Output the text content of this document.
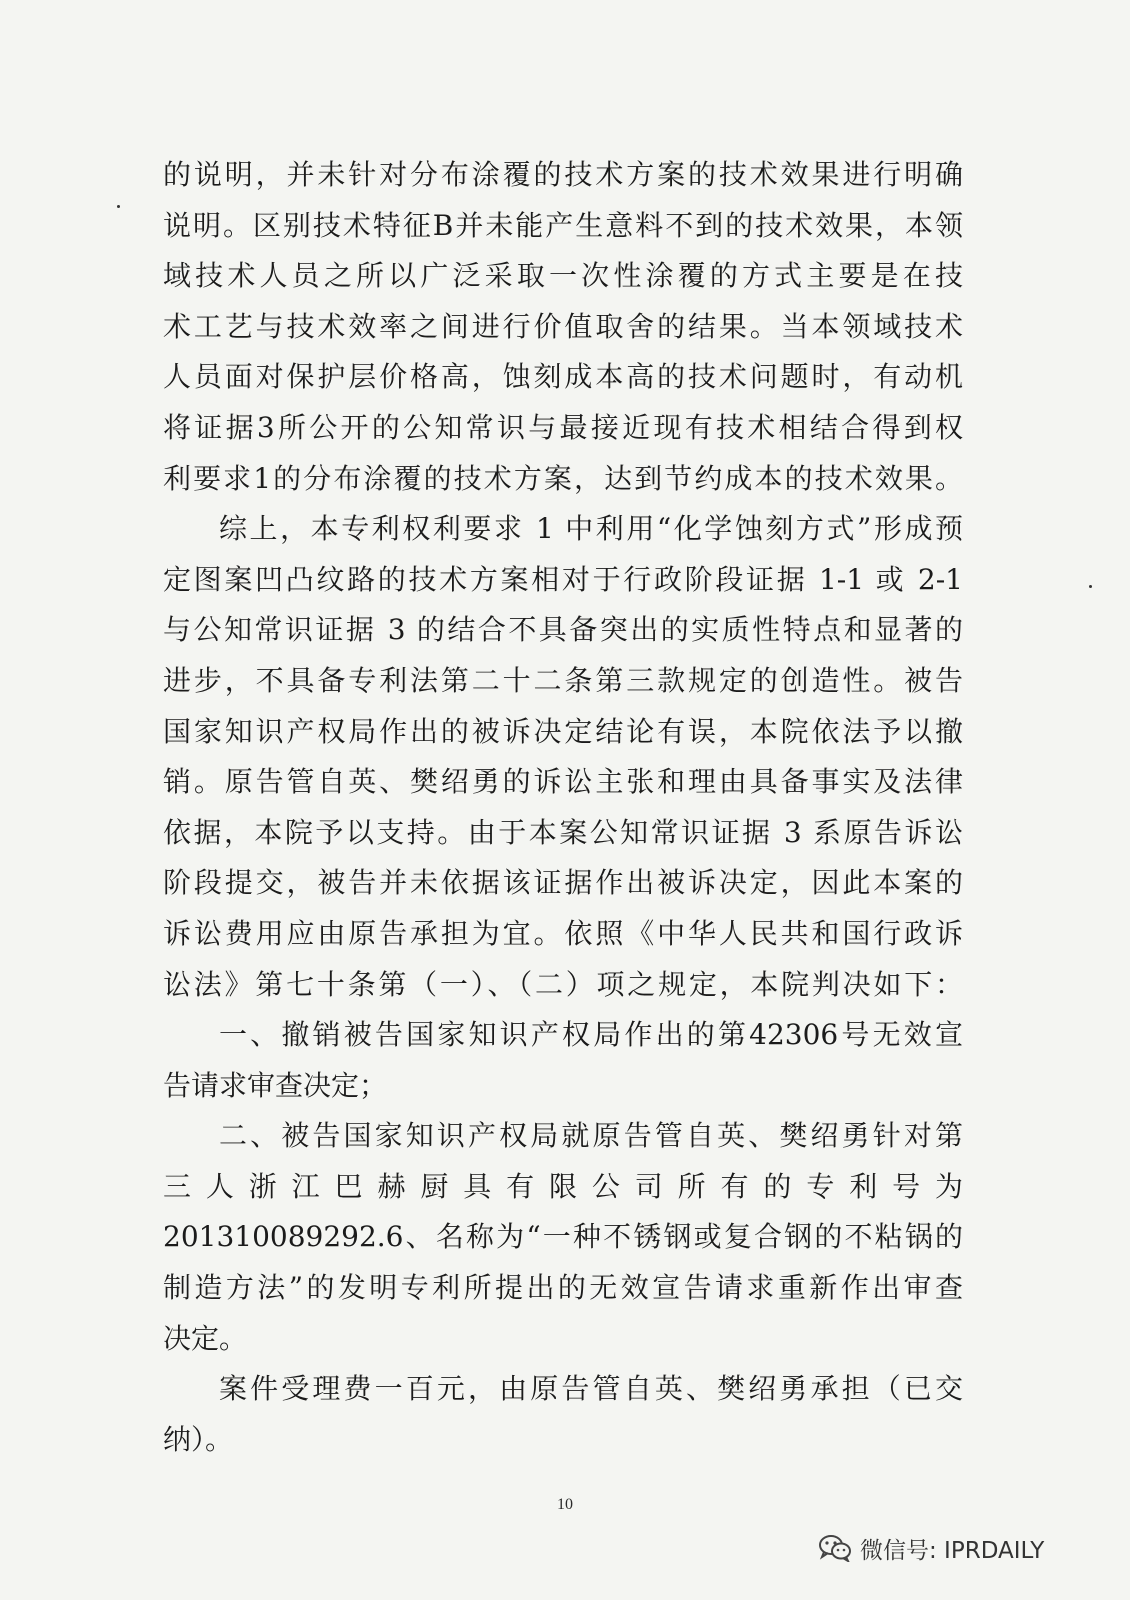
的说明，并未针对分布涂覆的技术方案的技术效果进行明确
说明。区别技术特征B并未能产生意料不到的技术效果，本领
域技术人员之所以广泛采取一次性涂覆的方式主要是在技
术工艺与技术效率之间进行价值取舍的结果。当本领域技术
人员面对保护层价格高，蚀刻成本高的技术问题时，有动机
将证据3所公开的公知常识与最接近现有技术相结合得到权
利要求1的分布涂覆的技术方案，达到节约成本的技术效果。
综上，本专利权利要求 1 中利用“化学蚀刻方式”形成预
定图案凹凸纹路的技术方案相对于行政阶段证据 1-1 或 2-1
与公知常识证据 3 的结合不具备突出的实质性特点和显著的
进步，不具备专利法第二十二条第三款规定的创造性。被告
国家知识产权局作出的被诉决定结论有误，本院依法予以撤
销。原告管自英、樊绍勇的诉讼主张和理由具备事实及法律
依据，本院予以支持。由于本案公知常识证据 3 系原告诉讼
阶段提交，被告并未依据该证据作出被诉决定，因此本案的
诉讼费用应由原告承担为宜。依照《中华人民共和国行政诉
讼法》第七十条第（一）、（二）项之规定，本院判决如下：
一、撤销被告国家知识产权局作出的第42306号无效宣
告请求审查决定；
二、被告国家知识产权局就原告管自英、樊绍勇针对第
三人浙江巴赫厨具有限公司所有的专利号为
201310089292.6、名称为“一种不锈钢或复合钢的不粘锅的
制造方法”的发明专利所提出的无效宣告请求重新作出审查
决定。
案件受理费一百元，由原告管自英、樊绍勇承担（已交
纳）。
10
微信号: IPRDAILY
